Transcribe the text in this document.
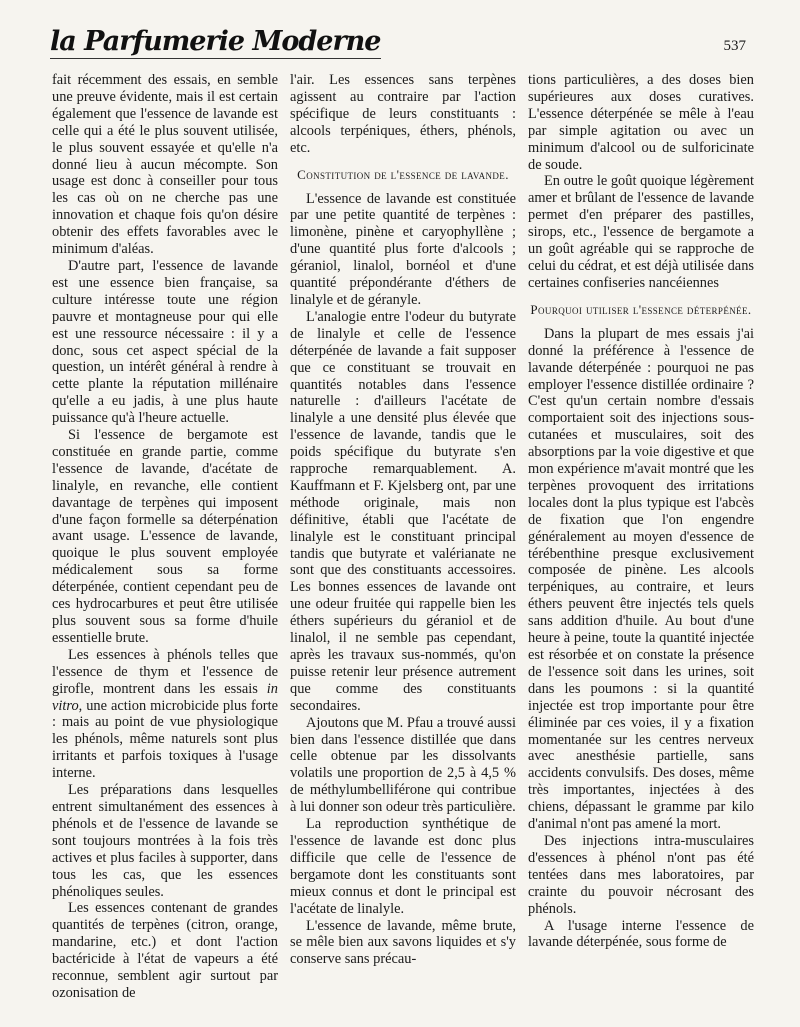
la Parfumerie Moderne	537

fait récemment des essais, en semble une preuve évidente, mais il est certain également que l'essence de lavande est celle qui a été le plus souvent utilisée, le plus souvent essayée et qu'elle n'a donné lieu à aucun mécompte. Son usage est donc à conseiller pour tous les cas où on ne cherche pas une innovation et chaque fois qu'on désire obtenir des effets favorables avec le minimum d'aléas.

D'autre part, l'essence de lavande est une essence bien française, sa culture intéresse toute une région pauvre et montagneuse pour qui elle est une ressource nécessaire : il y a donc, sous cet aspect spécial de la question, un intérêt général à rendre à cette plante la réputation millénaire qu'elle a eu jadis, à une plus haute puissance qu'à l'heure actuelle.

Si l'essence de bergamote est constituée en grande partie, comme l'essence de lavande, d'acétate de linalyle, en revanche, elle contient davantage de terpènes qui imposent d'une façon formelle sa déterpénation avant usage. L'essence de lavande, quoique le plus souvent employée médicalement sous sa forme déterpénée, contient cependant peu de ces hydrocarbures et peut être utilisée plus souvent sous sa forme d'huile essentielle brute.

Les essences à phénols telles que l'essence de thym et l'essence de girofle, montrent dans les essais in vitro, une action microbicide plus forte : mais au point de vue physiologique les phénols, même naturels sont plus irritants et parfois toxiques à l'usage interne.

Les préparations dans lesquelles entrent simultanément des essences à phénols et de l'essence de lavande se sont toujours montrées à la fois très actives et plus faciles à supporter, dans tous les cas, que les essences phénoliques seules.

Les essences contenant de grandes quantités de terpènes (citron, orange, mandarine, etc.) et dont l'action bactéricide à l'état de vapeurs a été reconnue, semblent agir surtout par ozonisation de

l'air. Les essences sans terpènes agissent au contraire par l'action spécifique de leurs constituants : alcools terpéniques, éthers, phénols, etc.

Constitution de l'essence de lavande.

L'essence de lavande est constituée par une petite quantité de terpènes : limonène, pinène et caryophyllène ; d'une quantité plus forte d'alcools ; géraniol, linalol, bornéol et d'une quantité prépondérante d'éthers de linalyle et de géranyle.

L'analogie entre l'odeur du butyrate de linalyle et celle de l'essence déterpénée de lavande a fait supposer que ce constituant se trouvait en quantités notables dans l'essence naturelle : d'ailleurs l'acétate de linalyle a une densité plus élevée que l'essence de lavande, tandis que le poids spécifique du butyrate s'en rapproche remarquablement. A. Kauffmann et F. Kjelsberg ont, par une méthode originale, mais non définitive, établi que l'acétate de linalyle est le constituant principal tandis que butyrate et valérianate ne sont que des constituants accessoires. Les bonnes essences de lavande ont une odeur fruitée qui rappelle bien les éthers supérieurs du géraniol et de linalol, il ne semble pas cependant, après les travaux sus-nommés, qu'on puisse retenir leur présence autrement que comme des constituants secondaires.

Ajoutons que M. Pfau a trouvé aussi bien dans l'essence distillée que dans celle obtenue par les dissolvants volatils une proportion de 2,5 à 4,5 % de méthylumbelliférone qui contribue à lui donner son odeur très particulière.

La reproduction synthétique de l'essence de lavande est donc plus difficile que celle de l'essence de bergamote dont les constituants sont mieux connus et dont le principal est l'acétate de linalyle.

L'essence de lavande, même brute, se mêle bien aux savons liquides et s'y conserve sans précau-

tions particulières, a des doses bien supérieures aux doses curatives. L'essence déterpénée se mêle à l'eau par simple agitation ou avec un minimum d'alcool ou de sulforicinate de soude.

En outre le goût quoique légèrement amer et brûlant de l'essence de lavande permet d'en préparer des pastilles, sirops, etc., l'essence de bergamote a un goût agréable qui se rapproche de celui du cédrat, et est déjà utilisée dans certaines confiseries nancéiennes

Pourquoi utiliser l'essence déterpénée.

Dans la plupart de mes essais j'ai donné la préférence à l'essence de lavande déterpénée : pourquoi ne pas employer l'essence distillée ordinaire ? C'est qu'un certain nombre d'essais comportaient soit des injections sous-cutanées et musculaires, soit des absorptions par la voie digestive et que mon expérience m'avait montré que les terpènes provoquent des irritations locales dont la plus typique est l'abcès de fixation que l'on engendre généralement au moyen d'essence de térébenthine presque exclusivement composée de pinène. Les alcools terpéniques, au contraire, et leurs éthers peuvent être injectés tels quels sans addition d'huile. Au bout d'une heure à peine, toute la quantité injectée est résorbée et on constate la présence de l'essence soit dans les urines, soit dans les poumons : si la quantité injectée est trop importante pour être éliminée par ces voies, il y a fixation momentanée sur les centres nerveux avec anesthésie partielle, sans accidents convulsifs. Des doses, même très importantes, injectées à des chiens, dépassant le gramme par kilo d'animal n'ont pas amené la mort.

Des injections intra-musculaires d'essences à phénol n'ont pas été tentées dans mes laboratoires, par crainte du pouvoir nécrosant des phénols.

A l'usage interne l'essence de lavande déterpénée, sous forme de
